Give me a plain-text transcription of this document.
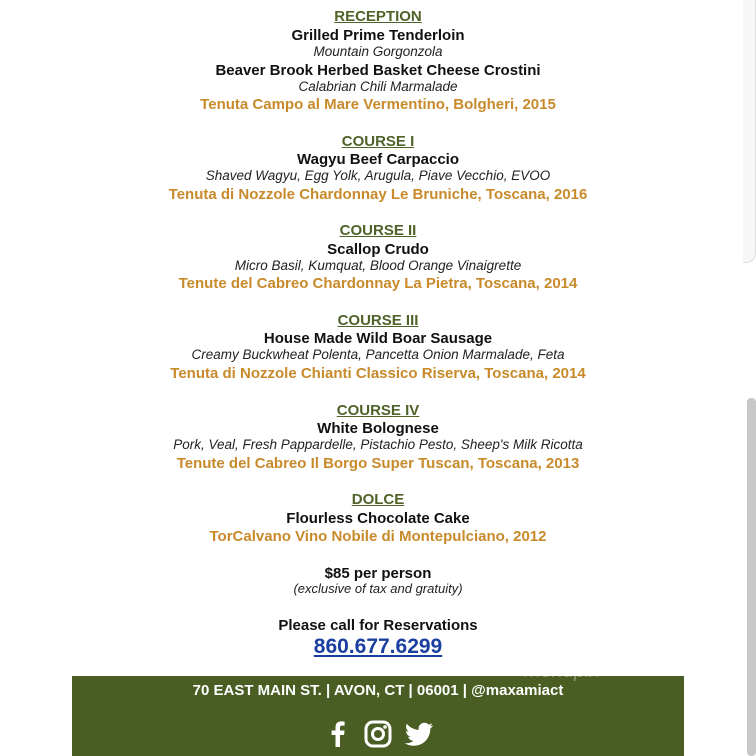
RECEPTION
Grilled Prime Tenderloin
Mountain Gorgonzola
Beaver Brook Herbed Basket Cheese Crostini
Calabrian Chili Marmalade
Tenuta Campo al Mare Vermentino, Bolgheri, 2015
COURSE I
Wagyu Beef Carpaccio
Shaved Wagyu, Egg Yolk, Arugula, Piave Vecchio, EVOO
Tenuta di Nozzole Chardonnay Le Bruniche, Toscana, 2016
COURSE II
Scallop Crudo
Micro Basil, Kumquat, Blood Orange Vinaigrette
Tenute del Cabreo Chardonnay La Pietra, Toscana, 2014
COURSE III
House Made Wild Boar Sausage
Creamy Buckwheat Polenta, Pancetta Onion Marmalade, Feta
Tenuta di Nozzole Chianti Classico Riserva, Toscana, 2014
COURSE IV
White Bolognese
Pork, Veal, Fresh Pappardelle, Pistachio Pesto, Sheep's Milk Ricotta
Tenute del Cabreo Il Borgo Super Tuscan, Toscana, 2013
DOLCE
Flourless Chocolate Cake
TorCalvano Vino Nobile di Montepulciano, 2012
$85 per person
(exclusive of tax and gratuity)
Please call for Reservations
860.677.6299
70 EAST MAIN ST. | AVON, CT | 06001 | @maxamiact
menupix
